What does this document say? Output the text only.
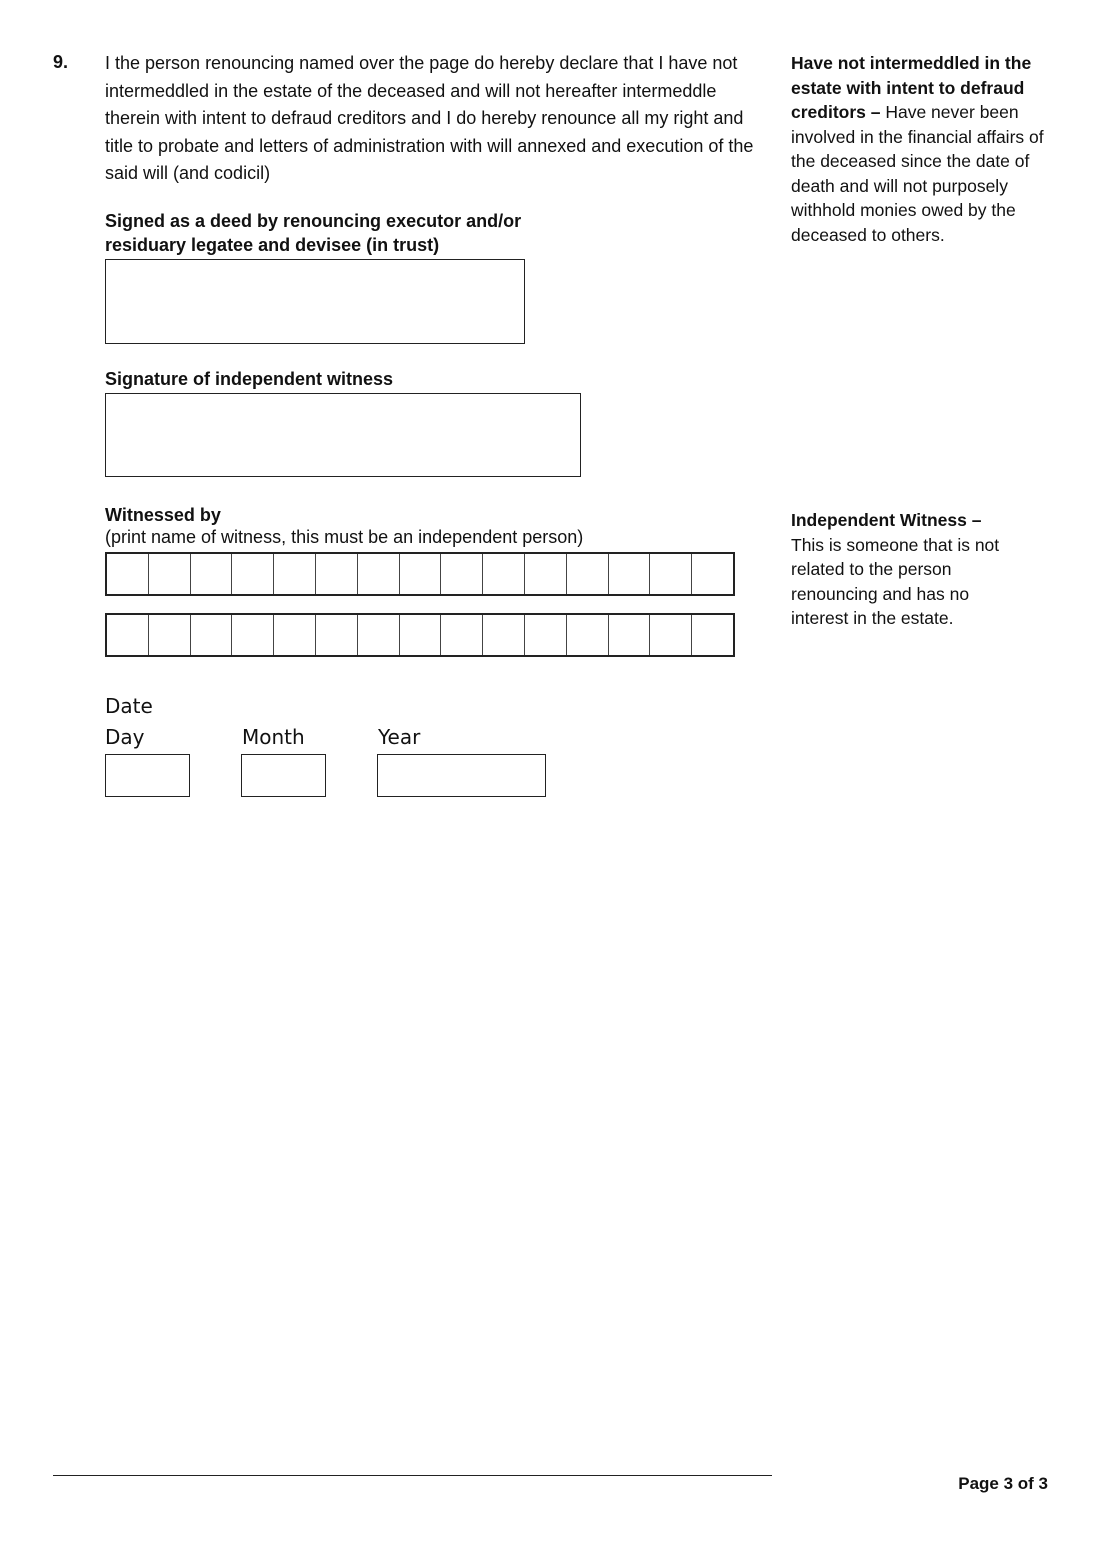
9. I the person renouncing named over the page do hereby declare that I have not intermeddled in the estate of the deceased and will not hereafter intermeddle therein with intent to defraud creditors and I do hereby renounce all my right and title to probate and letters of administration with will annexed and execution of the said will (and codicil)
Signed as a deed by renouncing executor and/or
residuary legatee and devisee (in trust)
Signature of independent witness
Witnessed by
(print name of witness, this must be an independent person)
Date
Day	Month	Year
Have not intermeddled in the estate with intent to defraud creditors – Have never been involved in the financial affairs of the deceased since the date of death and will not purposely withhold monies owed by the deceased to others.
Independent Witness –
This is someone that is not related to the person renouncing and has no interest in the estate.
Page 3 of 3
